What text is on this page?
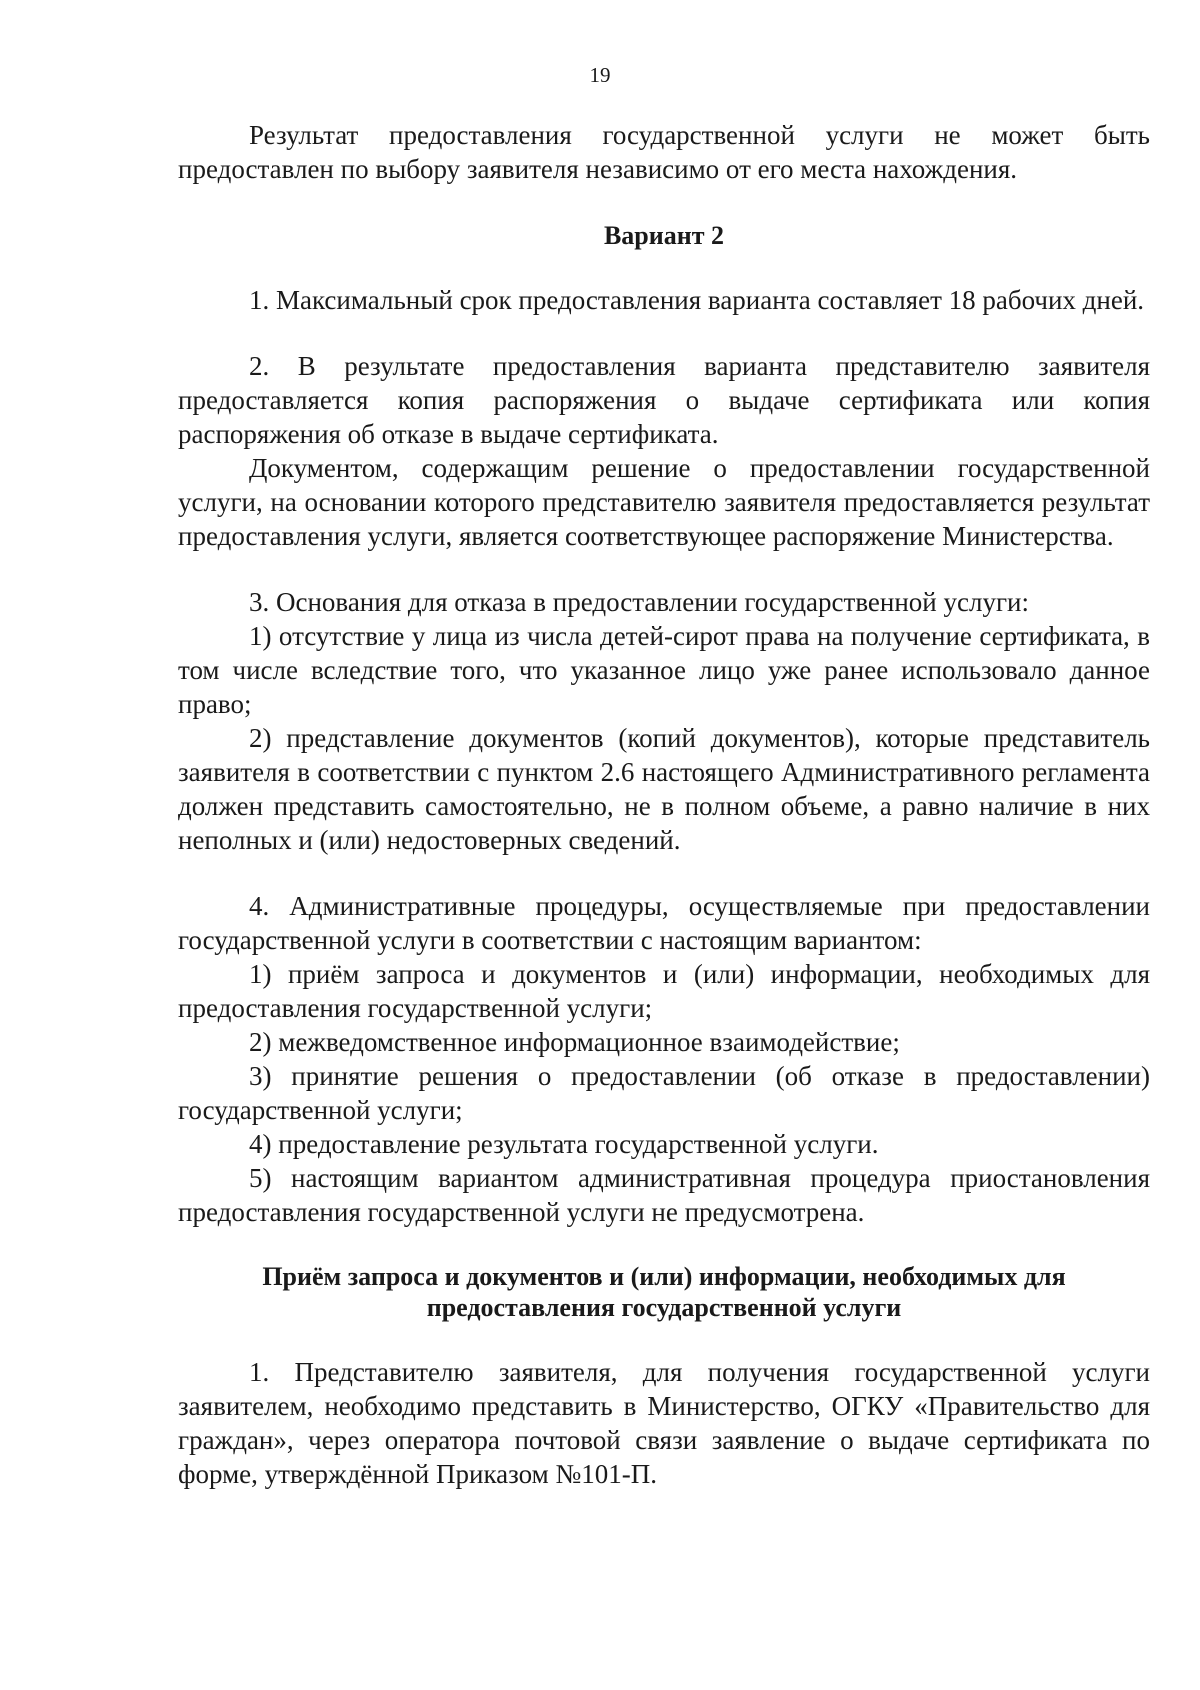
19

Результат предоставления государственной услуги не может быть предоставлен по выбору заявителя независимо от его места нахождения.

Вариант 2

1. Максимальный срок предоставления варианта составляет 18 рабочих дней.

2. В результате предоставления варианта представителю заявителя предоставляется копия распоряжения о выдаче сертификата или копия распоряжения об отказе в выдаче сертификата.

Документом, содержащим решение о предоставлении государственной услуги, на основании которого представителю заявителя предоставляется результат предоставления услуги, является соответствующее распоряжение Министерства.

3. Основания для отказа в предоставлении государственной услуги:

1) отсутствие у лица из числа детей-сирот права на получение сертификата, в том числе вследствие того, что указанное лицо уже ранее использовало данное право;

2) представление документов (копий документов), которые представитель заявителя в соответствии с пунктом 2.6 настоящего Административного регламента должен представить самостоятельно, не в полном объеме, а равно наличие в них неполных и (или) недостоверных сведений.

4. Административные процедуры, осуществляемые при предоставлении государственной услуги в соответствии с настоящим вариантом:

1) приём запроса и документов и (или) информации, необходимых для предоставления государственной услуги;

2) межведомственное информационное взаимодействие;

3) принятие решения о предоставлении (об отказе в предоставлении) государственной услуги;

4) предоставление результата государственной услуги.

5) настоящим вариантом административная процедура приостановления предоставления государственной услуги не предусмотрена.

Приём запроса и документов и (или) информации, необходимых для

предоставления государственной услуги

1. Представителю заявителя, для получения государственной услуги заявителем, необходимо представить в Министерство, ОГКУ «Правительство для граждан», через оператора почтовой связи заявление о выдаче сертификата по форме, утверждённой Приказом №101-П.
